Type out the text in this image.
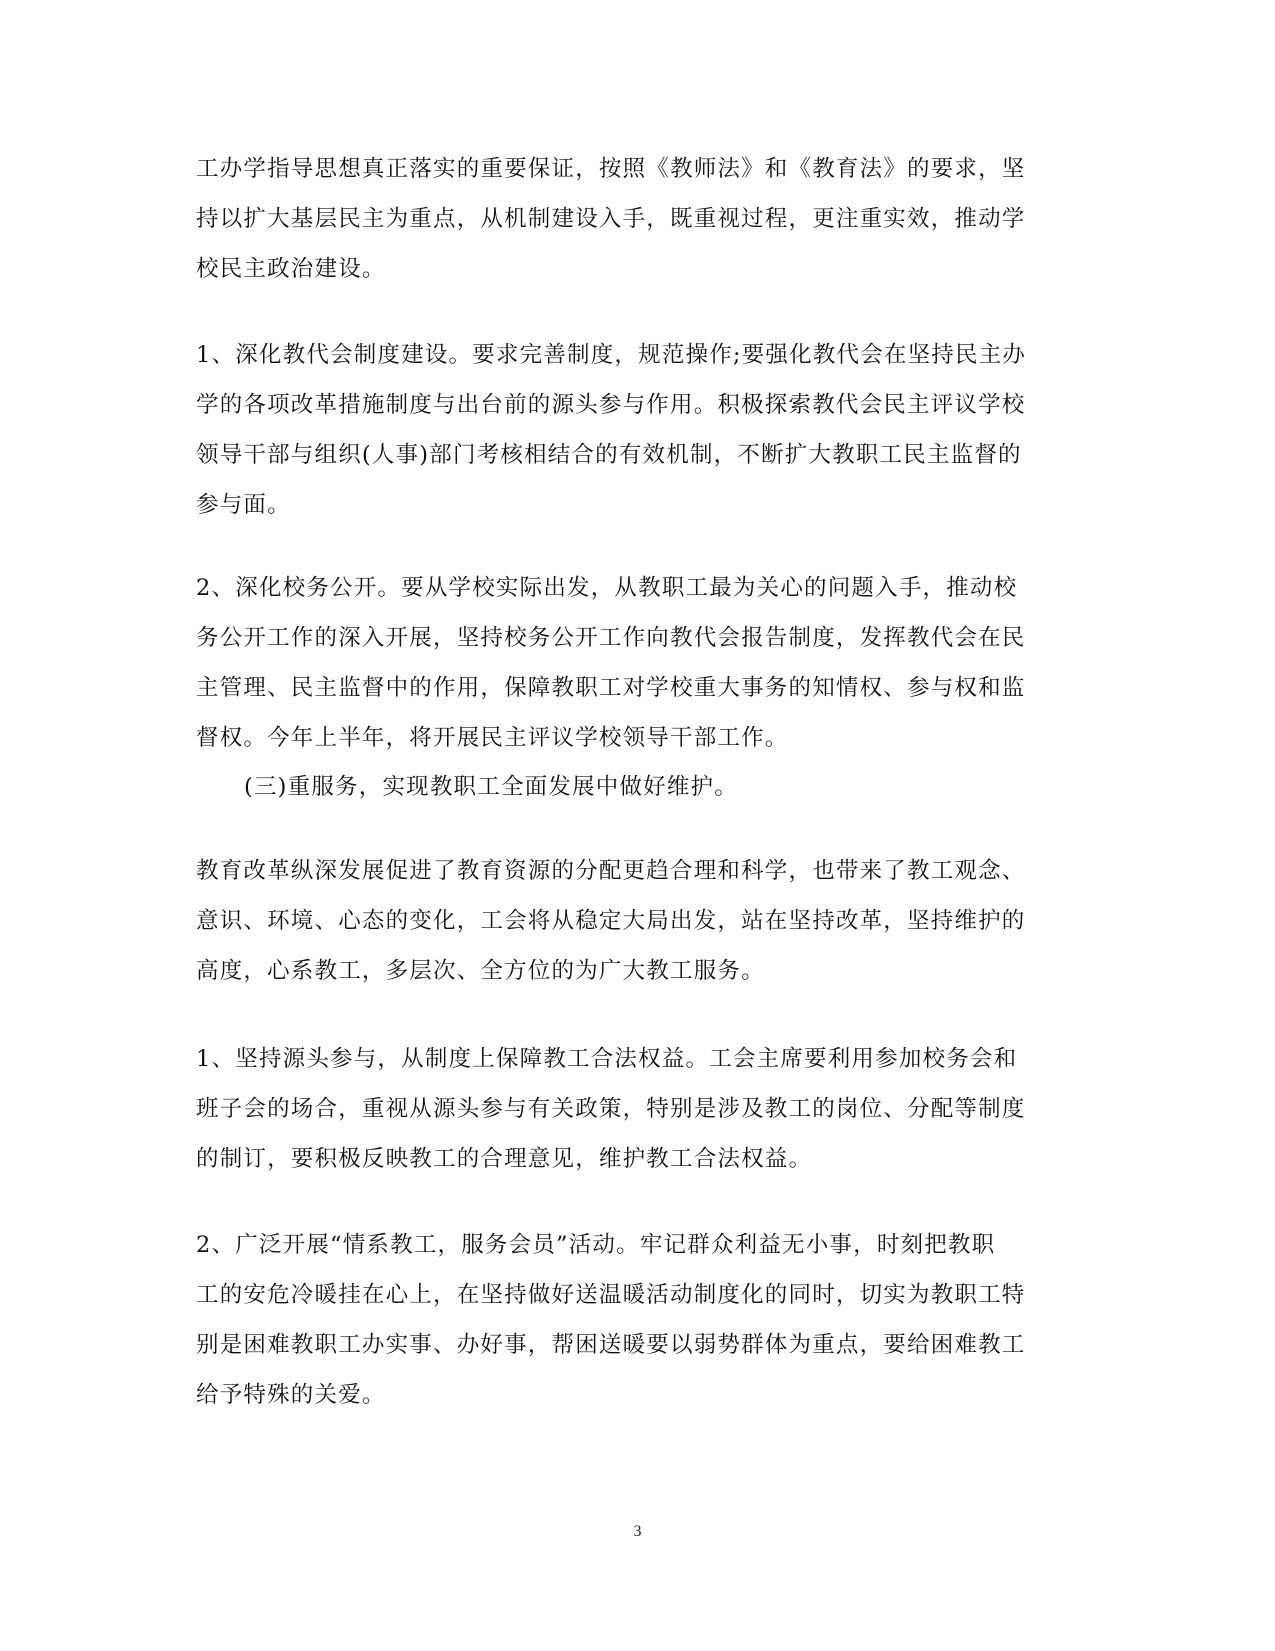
工办学指导思想真正落实的重要保证，按照《教师法》和《教育法》的要求，坚
持以扩大基层民主为重点，从机制建设入手，既重视过程，更注重实效，推动学
校民主政治建设。

1、深化教代会制度建设。要求完善制度，规范操作;要强化教代会在坚持民主办
学的各项改革措施制度与出台前的源头参与作用。积极探索教代会民主评议学校
领导干部与组织(人事)部门考核相结合的有效机制，不断扩大教职工民主监督的
参与面。

2、深化校务公开。要从学校实际出发，从教职工最为关心的问题入手，推动校
务公开工作的深入开展，坚持校务公开工作向教代会报告制度，发挥教代会在民
主管理、民主监督中的作用，保障教职工对学校重大事务的知情权、参与权和监
督权。今年上半年，将开展民主评议学校领导干部工作。

(三)重服务，实现教职工全面发展中做好维护。

教育改革纵深发展促进了教育资源的分配更趋合理和科学，也带来了教工观念、
意识、环境、心态的变化，工会将从稳定大局出发，站在坚持改革，坚持维护的
高度，心系教工，多层次、全方位的为广大教工服务。

1、坚持源头参与，从制度上保障教工合法权益。工会主席要利用参加校务会和
班子会的场合，重视从源头参与有关政策，特别是涉及教工的岗位、分配等制度
的制订，要积极反映教工的合理意见，维护教工合法权益。

2、广泛开展“情系教工，服务会员”活动。牢记群众利益无小事，时刻把教职
工的安危冷暖挂在心上，在坚持做好送温暖活动制度化的同时，切实为教职工特
别是困难教职工办实事、办好事，帮困送暖要以弱势群体为重点，要给困难教工
给予特殊的关爱。

3
